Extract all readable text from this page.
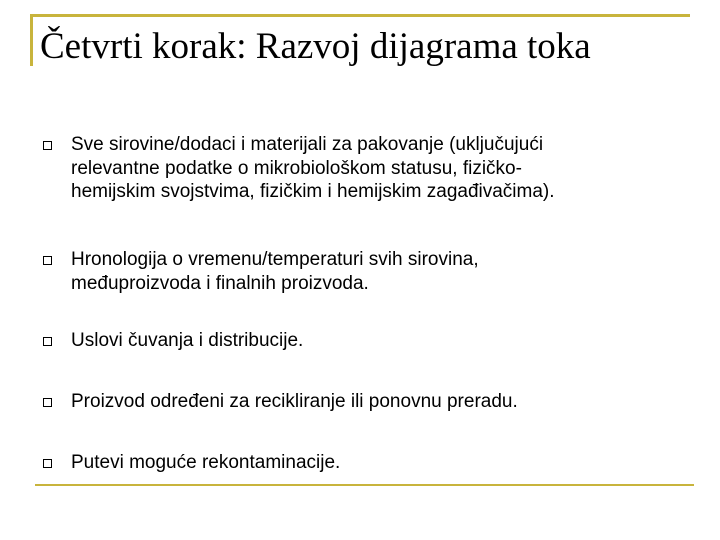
Četvrti korak: Razvoj dijagrama toka
Sve sirovine/dodaci i materijali za pakovanje (uključujući
relevantne podatke o mikrobiološkom statusu, fizičko-
hemijskim svojstvima, fizičkim i hemijskim zagađivačima).
Hronologija o vremenu/temperaturi svih sirovina,
međuproizvoda i finalnih proizvoda.
Uslovi čuvanja i distribucije.
Proizvod određeni za recikliranje ili ponovnu preradu.
Putevi moguće rekontaminacije.
